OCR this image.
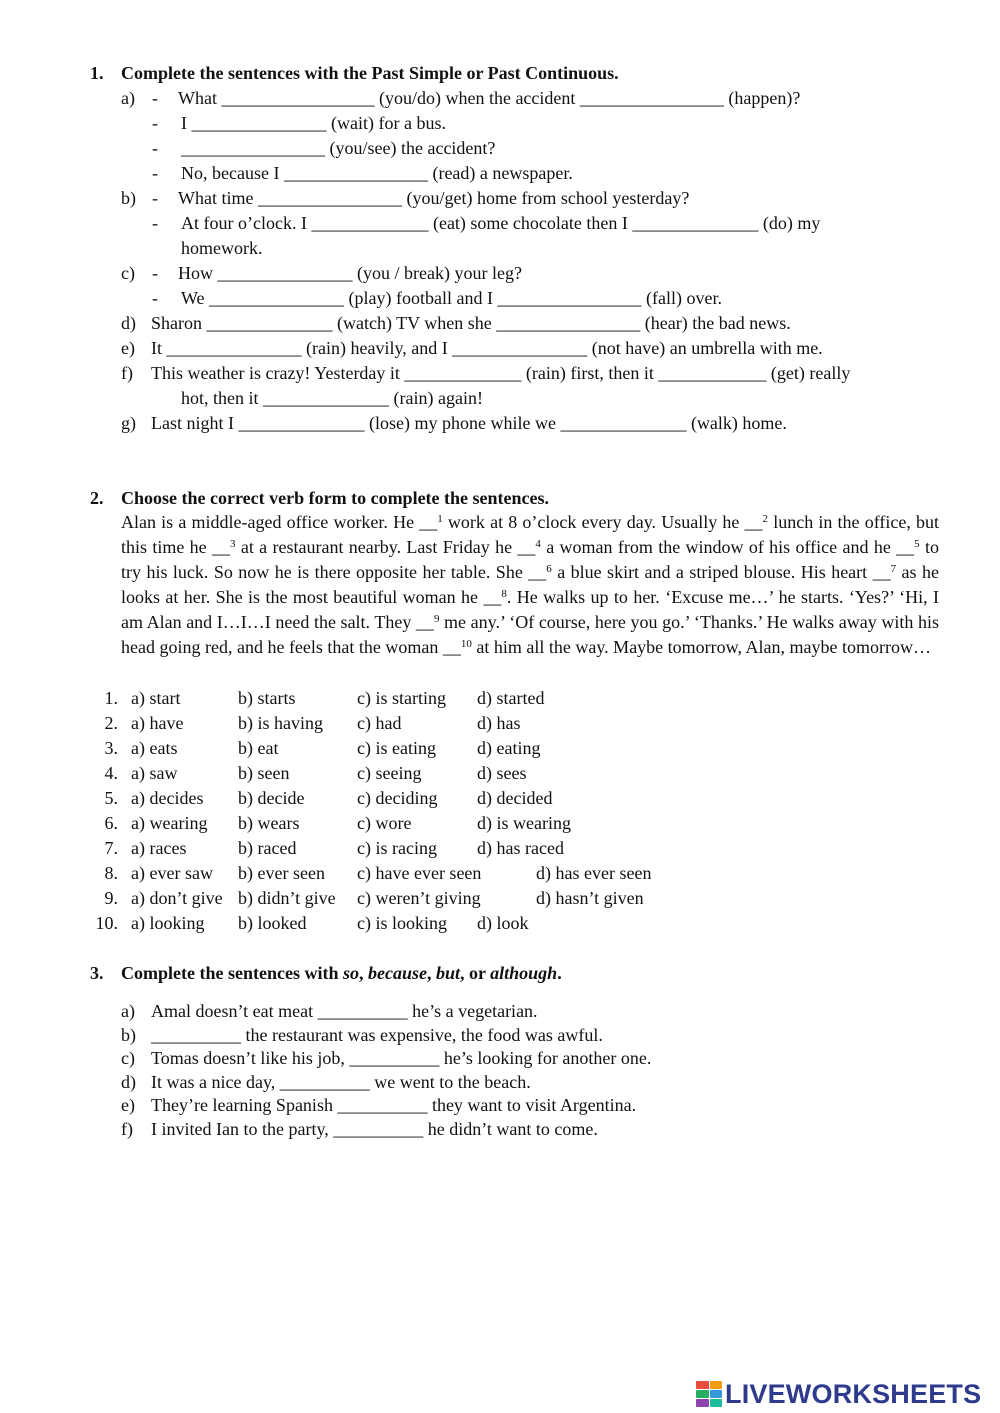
1. Complete the sentences with the Past Simple or Past Continuous.
a) - What _________________ (you/do) when the accident ________________ (happen)?
- I _______________ (wait) for a bus.
- ________________ (you/see) the accident?
- No, because I ________________ (read) a newspaper.
b) - What time ________________ (you/get) home from school yesterday?
- At four o’clock. I _____________ (eat) some chocolate then I ______________ (do) my
homework.
c) - How _______________ (you / break) your leg?
- We _______________ (play) football and I ________________ (fall) over.
d) Sharon ______________ (watch) TV when she ________________ (hear) the bad news.
e) It _______________ (rain) heavily, and I _______________ (not have) an umbrella with me.
f) This weather is crazy! Yesterday it _____________ (rain) first, then it ____________ (get) really
hot, then it ______________ (rain) again!
g) Last night I ______________ (lose) my phone while we ______________ (walk) home.
2. Choose the correct verb form to complete the sentences.
Alan is a middle-aged office worker. He __$^1$ work at 8 o’clock every day. Usually he __$^2$ lunch in the office, but this time he __$^3$ at a restaurant nearby. Last Friday he __$^4$ a woman from the window of his office and he __$^5$ to try his luck. So now he is there opposite her table. She __$^6$ a blue skirt and a striped blouse. His heart __$^7$ as he looks at her. She is the most beautiful woman he __$^8$. He walks up to her. ‘Excuse me…’ he starts. ‘Yes?’ ‘Hi, I am Alan and I…I…I need the salt. They __$^9$ me any.’ ‘Of course, here you go.’ ‘Thanks.’ He walks away with his head going red, and he feels that the woman __$^{10}$ at him all the way. Maybe tomorrow, Alan, maybe tomorrow…
1. a) start	b) starts	c) is starting d) started
2. a) have	b) is having c) had	d) has
3. a) eats	b) eat	c) is eating d) eating
4. a) saw	b) seen	c) seeing	d) sees
5. a) decides b) decide	c) deciding d) decided
6. a) wearing b) wears	c) wore	d) is wearing
7. a) races	b) raced	c) is racing d) has raced
8. a) ever saw b) ever seen c) have ever seen	d) has ever seen
9. a) don’t give b) didn’t give c) weren’t giving	d) hasn’t given
10. a) looking b) looked	c) is looking d) look
3. Complete the sentences with so, because, but, or although.
a) Amal doesn’t eat meat __________ he’s a vegetarian.
b) __________ the restaurant was expensive, the food was awful.
c) Tomas doesn’t like his job, __________ he’s looking for another one.
d) It was a nice day, __________ we went to the beach.
e) They’re learning Spanish __________ they want to visit Argentina.
f) I invited Ian to the party, __________ he didn’t want to come.
LIVEWORKSHEETS
